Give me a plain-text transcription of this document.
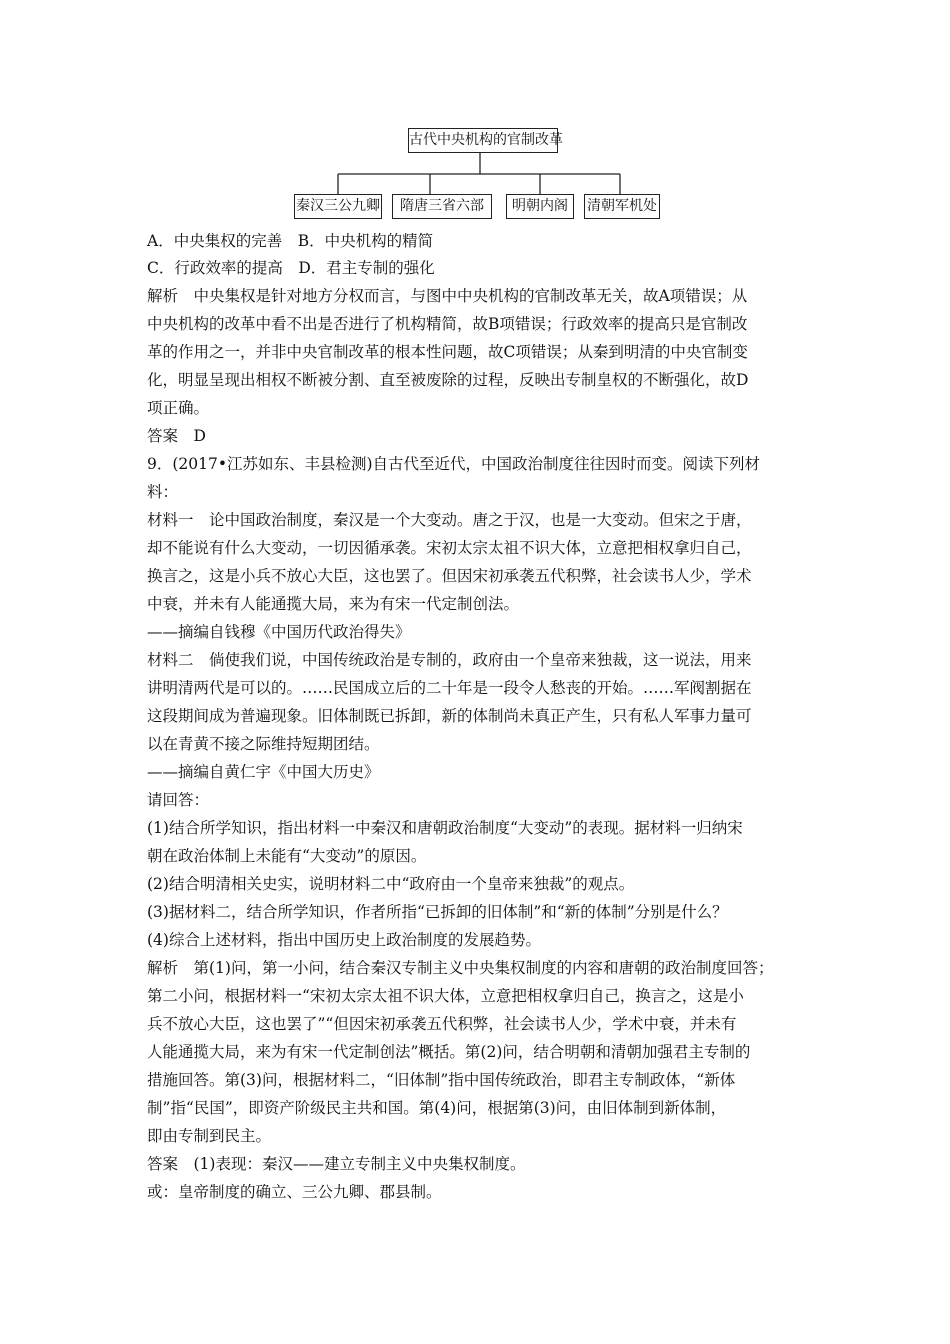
古代中央机构的官制改革
秦汉三公九卿	隋唐三省六部	明朝内阁	清朝军机处
A．中央集权的完善　B．中央机构的精简
C．行政效率的提高　D．君主专制的强化
解析　中央集权是针对地方分权而言，与图中中央机构的官制改革无关，故A项错误；从
中央机构的改革中看不出是否进行了机构精简，故B项错误；行政效率的提高只是官制改
革的作用之一，并非中央官制改革的根本性问题，故C项错误；从秦到明清的中央官制变
化，明显呈现出相权不断被分割、直至被废除的过程，反映出专制皇权的不断强化，故D
项正确。
答案　D
9．(2017•江苏如东、丰县检测)自古代至近代，中国政治制度往往因时而变。阅读下列材
料：
材料一　论中国政治制度，秦汉是一个大变动。唐之于汉，也是一大变动。但宋之于唐，
却不能说有什么大变动，一切因循承袭。宋初太宗太祖不识大体，立意把相权拿归自己，
换言之，这是小兵不放心大臣，这也罢了。但因宋初承袭五代积弊，社会读书人少，学术
中衰，并未有人能通揽大局，来为有宋一代定制创法。
——摘编自钱穆《中国历代政治得失》
材料二　倘使我们说，中国传统政治是专制的，政府由一个皇帝来独裁，这一说法，用来
讲明清两代是可以的。……民国成立后的二十年是一段令人愁丧的开始。……军阀割据在
这段期间成为普遍现象。旧体制既已拆卸，新的体制尚未真正产生，只有私人军事力量可
以在青黄不接之际维持短期团结。
——摘编自黄仁宇《中国大历史》
请回答：
(1)结合所学知识，指出材料一中秦汉和唐朝政治制度“大变动”的表现。据材料一归纳宋
朝在政治体制上未能有“大变动”的原因。
(2)结合明清相关史实，说明材料二中“政府由一个皇帝来独裁”的观点。
(3)据材料二，结合所学知识，作者所指“已拆卸的旧体制”和“新的体制”分别是什么？
(4)综合上述材料，指出中国历史上政治制度的发展趋势。
解析　第(1)问，第一小问，结合秦汉专制主义中央集权制度的内容和唐朝的政治制度回答；
第二小问，根据材料一“宋初太宗太祖不识大体，立意把相权拿归自己，换言之，这是小
兵不放心大臣，这也罢了”“但因宋初承袭五代积弊，社会读书人少，学术中衰，并未有
人能通揽大局，来为有宋一代定制创法”概括。第(2)问，结合明朝和清朝加强君主专制的
措施回答。第(3)问，根据材料二，“旧体制”指中国传统政治，即君主专制政体，“新体
制”指“民国”，即资产阶级民主共和国。第(4)问，根据第(3)问，由旧体制到新体制，
即由专制到民主。
答案　(1)表现：秦汉——建立专制主义中央集权制度。
或：皇帝制度的确立、三公九卿、郡县制。
